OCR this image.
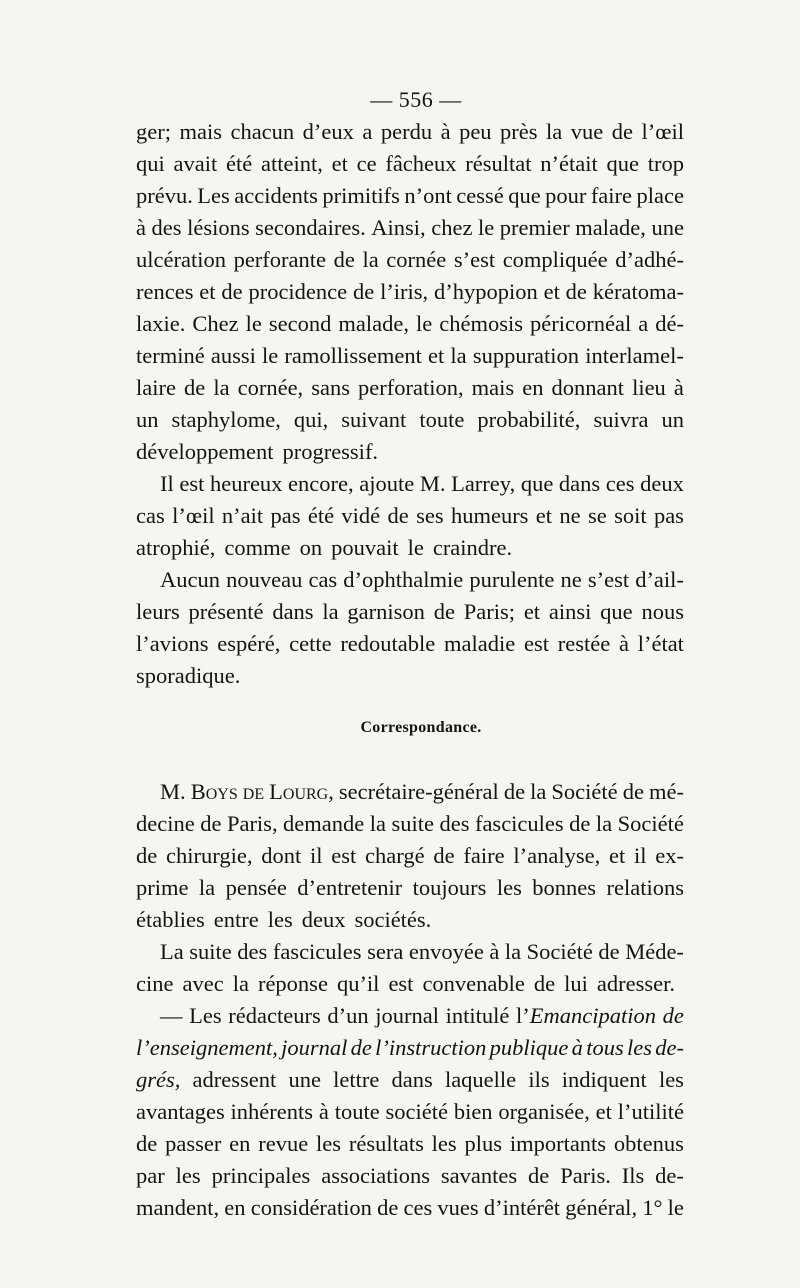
— 556 —
ger; mais chacun d’eux a perdu à peu près la vue de l’œil
qui avait été atteint, et ce fâcheux résultat n’était que trop
prévu. Les accidents primitifs n’ont cessé que pour faire place
à des lésions secondaires. Ainsi, chez le premier malade, une
ulcération perforante de la cornée s’est compliquée d’adhé-
rences et de procidence de l’iris, d’hypopion et de kératoma-
laxie. Chez le second malade, le chémosis péricornéal a dé-
terminé aussi le ramollissement et la suppuration interlamel-
laire de la cornée, sans perforation, mais en donnant lieu à
un staphylome, qui, suivant toute probabilité, suivra un
développement progressif.
Il est heureux encore, ajoute M. Larrey, que dans ces deux
cas l’œil n’ait pas été vidé de ses humeurs et ne se soit pas
atrophié, comme on pouvait le craindre.
Aucun nouveau cas d’ophthalmie purulente ne s’est d’ail-
leurs présenté dans la garnison de Paris; et ainsi que nous
l’avions espéré, cette redoutable maladie est restée à l’état
sporadique.
Correspondance.
M. Boys de Lourg, secrétaire-général de la Société de mé-
decine de Paris, demande la suite des fascicules de la Société
de chirurgie, dont il est chargé de faire l’analyse, et il ex-
prime la pensée d’entretenir toujours les bonnes relations
établies entre les deux sociétés.
La suite des fascicules sera envoyée à la Société de Méde-
cine avec la réponse qu’il est convenable de lui adresser.
— Les rédacteurs d’un journal intitulé l’Emancipation de
l’enseignement, journal de l’instruction publique à tous les de-
grés, adressent une lettre dans laquelle ils indiquent les
avantages inhérents à toute société bien organisée, et l’utilité
de passer en revue les résultats les plus importants obtenus
par les principales associations savantes de Paris. Ils de-
mandent, en considération de ces vues d’intérêt général, 1° le
